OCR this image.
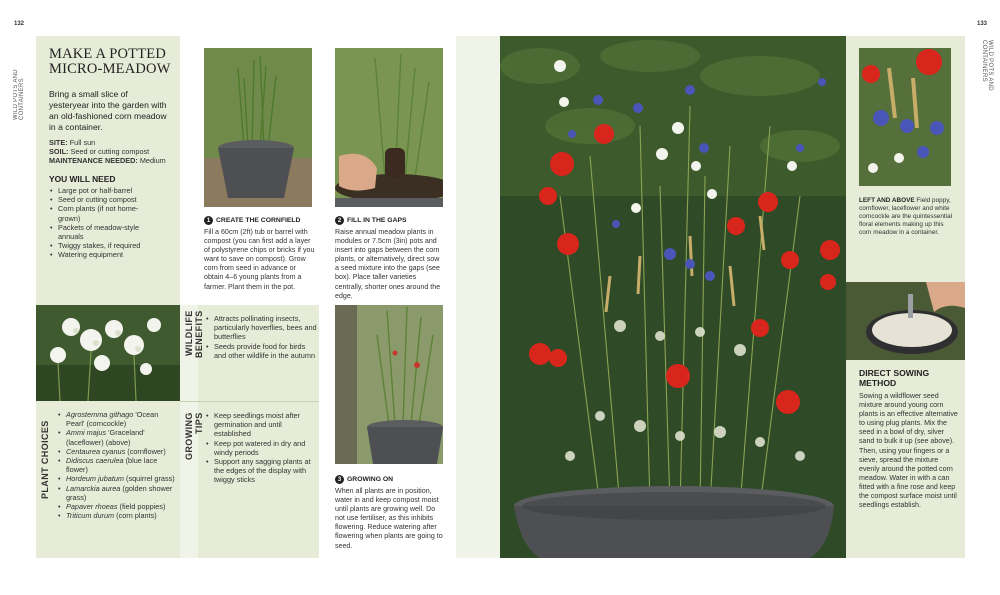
132
WILD POTS AND CONTAINERS
MAKE A POTTED
MICRO-MEADOW
Bring a small slice of yesteryear into the garden with an old-fashioned corn meadow in a container.
SITE: Full sun
SOIL: Seed or cutting compost
MAINTENANCE NEEDED: Medium
YOU WILL NEED
• Large pot or half-barrel
• Seed or cutting compost
• Corn plants (if not home-grown)
• Packets of meadow-style annuals
• Twiggy stakes, if required
• Watering equipment
PLANT CHOICES
• Agrostemma githago 'Ocean Pearl' (corncockle)
• Ammi majus 'Graceland' (laceflower) (above)
• Centaurea cyanus (cornflower)
• Didiscus caerulea (blue lace flower)
• Hordeum jubatum (squirrel grass)
• Lamarckia aurea (golden shower grass)
• Papaver rhoeas (field poppies)
• Triticum durum (corn plants)
WILDLIFE BENEFITS	• Attracts pollinating insects, particularly hoverflies, bees and butterflies
• Seeds provide food for birds and other wildlife in the autumn
GROWING TIPS	• Keep seedlings moist after germination and until established
• Keep pot watered in dry and windy periods
• Support any sagging plants at the edges of the display with twiggy sticks
1 CREATE THE CORNFIELD
Fill a 60cm (2ft) tub or barrel with compost (you can first add a layer of polystyrene chips or bricks if you want to save on compost). Grow corn from seed in advance or obtain 4–6 young plants from a farmer. Plant them in the pot.
2 FILL IN THE GAPS
Raise annual meadow plants in modules or 7.5cm (3in) pots and insert into gaps between the corn plants, or alternatively, direct sow a seed mixture into the gaps (see box). Place taller varieties centrally, shorter ones around the edge.
3 GROWING ON
When all plants are in position, water in and keep compost moist until plants are growing well. Do not use fertiliser, as this inhibits flowering. Reduce watering after flowering when plants are going to seed.
133
WILD POTS AND CONTAINERS
LEFT AND ABOVE Field poppy, cornflower, laceflower and white corncockle are the quintessential floral elements making up this corn meadow in a container.
DIRECT SOWING
METHOD
Sowing a wildflower seed mixture around young corn plants is an effective alternative to using plug plants. Mix the seed in a bowl of dry, silver sand to bulk it up (see above). Then, using your fingers or a sieve, spread the mixture evenly around the potted corn meadow. Water in with a can fitted with a fine rose and keep the compost surface moist until seedlings establish.
